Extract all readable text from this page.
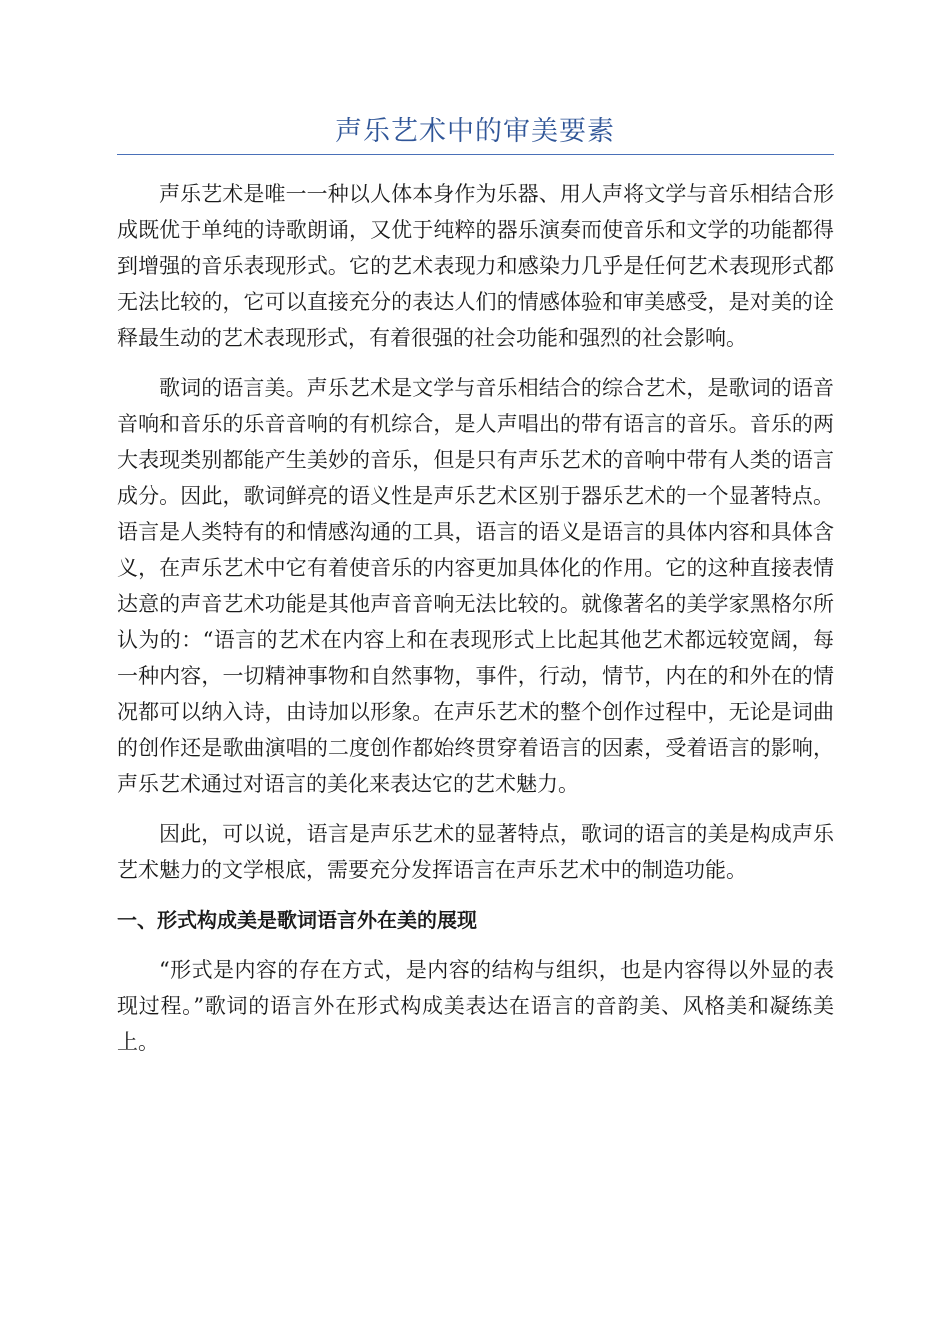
声乐艺术中的审美要素

声乐艺术是唯一一种以人体本身作为乐器、用人声将文学与音乐相结合形成既优于单纯的诗歌朗诵，又优于纯粹的器乐演奏而使音乐和文学的功能都得到增强的音乐表现形式。它的艺术表现力和感染力几乎是任何艺术表现形式都无法比较的，它可以直接充分的表达人们的情感体验和审美感受，是对美的诠释最生动的艺术表现形式，有着很强的社会功能和强烈的社会影响。

歌词的语言美。声乐艺术是文学与音乐相结合的综合艺术，是歌词的语音音响和音乐的乐音音响的有机综合，是人声唱出的带有语言的音乐。音乐的两大表现类别都能产生美妙的音乐，但是只有声乐艺术的音响中带有人类的语言成分。因此，歌词鲜亮的语义性是声乐艺术区别于器乐艺术的一个显著特点。语言是人类特有的和情感沟通的工具，语言的语义是语言的具体内容和具体含义，在声乐艺术中它有着使音乐的内容更加具体化的作用。它的这种直接表情达意的声音艺术功能是其他声音音响无法比较的。就像著名的美学家黑格尔所认为的：“语言的艺术在内容上和在表现形式上比起其他艺术都远较宽阔，每一种内容，一切精神事物和自然事物，事件，行动，情节，内在的和外在的情况都可以纳入诗，由诗加以形象。在声乐艺术的整个创作过程中，无论是词曲的创作还是歌曲演唱的二度创作都始终贯穿着语言的因素，受着语言的影响，声乐艺术通过对语言的美化来表达它的艺术魅力。

因此，可以说，语言是声乐艺术的显著特点，歌词的语言的美是构成声乐艺术魅力的文学根底，需要充分发挥语言在声乐艺术中的制造功能。

一、形式构成美是歌词语言外在美的展现

“形式是内容的存在方式，是内容的结构与组织，也是内容得以外显的表现过程。”歌词的语言外在形式构成美表达在语言的音韵美、风格美和凝练美上。
